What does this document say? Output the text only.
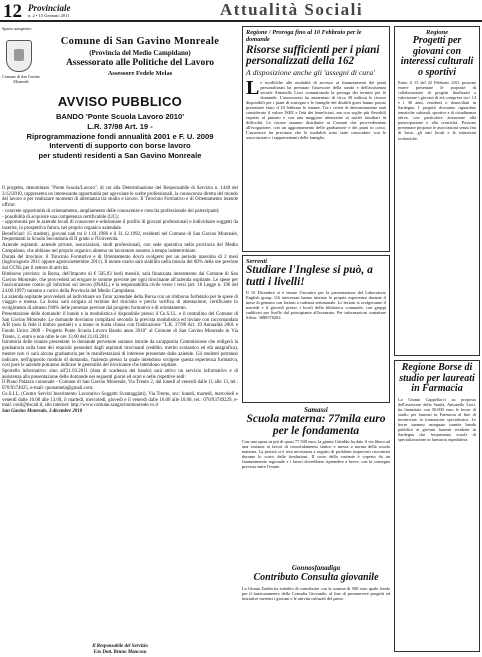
12 Provinciale
n. 2 • 15 Gennaio 2011	Attualità Sociali
Spazio autogestito
Comune di San Gavino Monreale
Comune di San Gavino Monreale
(Provincia del Medio Campidano)
Assessorato alle Politiche del Lavoro
Assessore Fedele Melas
AVVISO PUBBLICO
BANDO 'Ponte Scuola Lavoro 2010'
L.R. 37/98 Art. 19 -
Riprogrammazione fondi annualità 2001 e F. U. 2009
Interventi di supporto con borse lavoro
per studenti residenti a San Gavino Monreale

Il progetto, denominato "Ponte Scuola/Lavoro", di cui alla Determinazione del Responsabile di Servizio n. 1440 del 3/12/2010, rappresenta un interessante opportunità per agevolare le scelte professionali, la conoscenza diretta del mondo del lavoro e per realizzare momenti di alternanza tra studio e lavoro. Il Tirocinio Formativo e di Orientamento intende offrire:

- concrete opportunità di orientamento, ampliamento delle conoscenze e crescita professionale dei partecipanti;

- possibilità di acquisire una competenza certificabile (UC);

- opportunità per le aziende locali di conoscere e selezionare il profilo di giovani professionali e individuare soggetti da inserire, in prospettiva futura, nel proprio organico aziendale.

Beneficiari: 15 studenti, giovani nati tra il 1.01.1986 e il 31.12.1992, residenti nel Comune di San Gavino Monreale, frequentanti la Scuola Secondaria di II grado o l'Università.

Aziende ospitanti: aziende private, associazioni, studi professionali, con sede operativa nella provincia del Medio Campidano, che abbiano nel proprio organico almeno un lavoratore assunto a tempo indeterminato.

Durata del tirocinio: il Tirocinio Formativo e di Orientamento dovrà svolgersi per un periodo massimo di 2 mesi (luglio/agosto 2011 oppure agosto/settembre 2011). Il monte orario sarà stabilito nella misura del 80% delle ore previste dal CCNL per il settore di attività.

Rimborso previsto: la Borsa, dell'importo di € 505,93 lordi mensili, sarà finanziata interamente dal Comune di San Gavino Monreale, che provvederà ad erogare le somme previste per ogni tirocinante all'azienda ospitante. Le spese per l'assicurazione contro gli infortuni sul lavoro (INAIL) e la responsabilità civile verso i terzi (art. 18 Legge n. 196 del 24.06.1997) saranno a carico della Provincia del Medio Campidano.

La azienda ospitante provvederà ad individuare un Tutor aziendale della Borsa con un rimborso forfetario per le spese di viaggio e mensa. La borsa sarà erogata al termine del tirocinio e previa verifica di attestazione, certificante lo svolgimento di almeno l'80% delle presenze previste dal progetto formativo e di orientamento.

Presentazione delle domande: il bando e la modulistica è disponibile presso il Ce.S.I.L. e il centralino del Comune di San Gavino Monreale. Le domande dovranno compilarsi secondo la prevista modulistica ed inviate con raccomandata A/R (non fa fede il timbro postale) o a mano in busta chiusa con l'indicazione "L.R. 37/98 Art. 19 Annualità 2001 e Fondo Unico 2009 - Progetto Ponte Scuola Lavoro Bando anno 2010" al Comune di San Gavino Monreale in Via Trento, 2, entro e non oltre le ore 13.00 del 21.03.2011

Istruttoria delle istanze presentate: le domande pervenute saranno istruite da un'apposita Commissione che redigerà la graduatoria sulla base dei requisiti posseduti dagli aspiranti tirocinanti (reddito, merito scolastico ed età anagrafica), mentre non ci sarà alcuna graduatoria per le manifestazioni di interesse presentate dalle aziende. Gli studenti potranno indicare, nell'apposito modulo di domanda, l'azienda presso la quale intendono svolgere questa esperienza formativa, così pure le aziende potranno indicare le generalità del tirocinante che intendono ospitare.

Sportello informativo: sino all'21.03.2011 (data di scadenza del bando) sarà attivo un servizio informativo e di assistenza alla presentazione delle domande nei seguenti giorni ed orari e nelle rispettive sedi:

Il Piano Palazzo comunale - Comune di San Gavino Monreale, Via Trento 2, dal lunedì al venerdì dalle 11 alle 13, tel.: 070/9374025, e-mail: quonamela@gmail.com;

Ce.S.I.L. (Centro Servizi Inserimento Lavorativo Soggetti Svantaggiati), Via Trento, snc: lunedì, martedì, mercoledì e venerdì dalle 10.00 alle 13.00, il martedì, mercoledì, giovedì e il venerdì dalle 16.00 alle 18.00, tel.: 070/93749229, e-mail: cesil@tiscali.it, sito internet: http://www.comune.sangavinomonreale.vs.it

San Gavino Monreale, 3 dicembre 2010

Il Responsabile del Servizio
F.to Dott. Bruno Mancosu
Regione / Proroga fino al 10 Febbraio per le domande
Risorse sufficienti per i piani personalizzati della 162
A disposizione anche gli 'assegni di cura'
Le modifiche alle modalità di accesso ai finanziamenti dei piani personalizzati ha premiato l'assessore della sanità e dell'assistenza sociale Antonello Liori comunicando la proroga dei termini per le domande. L'assessorato ha aumentato di circa 30 milioni le risorse disponibili per i piani di sostegno e le famiglie dei disabili gravi hanno potuto presentare entro il 10 febbraio le istanze. Tra i criteri di determinazione sarà considerato il valore ISEE e l'età dei beneficiari, ma con soglie più flessibili rispetto al passato e con una maggiore attenzione ai nuclei familiari in difficoltà. Le risorse saranno distribuite ai Comuni che provvederanno all'erogazione, con un aggiornamento delle graduatorie e dei piani in corso. L'assessore ha precisato che le modalità sono state concordate con le associazioni e i rappresentanti delle famiglie.
Serrenti
Studiare l'Inglese si può, a tutti i livelli!
Il 16 Dicembre si è tenuto l'incontro per la presentazione del Laboratorio English group. Gli interessati hanno iniziato la propria esperienza durante il mese di gennaio con lezioni a cadenza settimanale. Le lezioni si svolgeranno il martedì e il giovedì presso i locali della biblioteca comunale, con gruppi suddivisi per livello dal principiante all'avanzato. Per informazioni contattare Silvia: 3880578282.
Samassi
Scuola materna: 77mila euro per le fondamenta
Con una spesa in più di quasi 77.500 euro, la giunta Cabiddu ha dato il via libera ad una variante ai lavori di consolidamento statico e messa a norma della scuola materna. La perizia si è resa necessaria a seguito di problemi imprevisti riscontrati durante lo scavo delle fondazioni. Il costo della variante è coperto da un finanziamento regionale e i lavori dovrebbero riprendere a breve, con la consegna prevista entro l'estate.
Gonnosfanadiga
Contributo Consulta giovanile
La Giunta Zuddu ha stabilito di contribuire con la somma di 500 euro quale fondo per il funzionamento della Consulta Giovanile, al fine di promuovere progetti ed iniziative inerenti i giovani e le attività culturali del paese.
Regione
Progetti per giovani con interessi culturali o sportivi
Entro il 15 del 22 Febbraio 2011 possono essere presentate le proposte di collaborazione di progetti finalizzati a valorizzare i giovani di età compresa tra i 14 e i 30 anni, residenti o domiciliati in Sardegna. I progetti dovranno riguardare tematiche culturali, sportive e di cittadinanza attiva, con particolare attenzione alla partecipazione e alla creatività. Possono presentare proposte le associazioni senza fini di lucro, gli enti locali e le istituzioni scolastiche.
Regione Borse di studio per laureati in Farmacia
La Giunta Cappellacci su proposta dell'assessore della Sanità, Antonello Liori, ha finanziato con 50.000 euro le borse di studio per laureati in Farmacia al fine di incentivare la formazione specialistica. Le borse saranno assegnate tramite bando pubblico ai giovani laureati residenti in Sardegna che frequentano scuole di specializzazione in farmacia ospedaliera.
